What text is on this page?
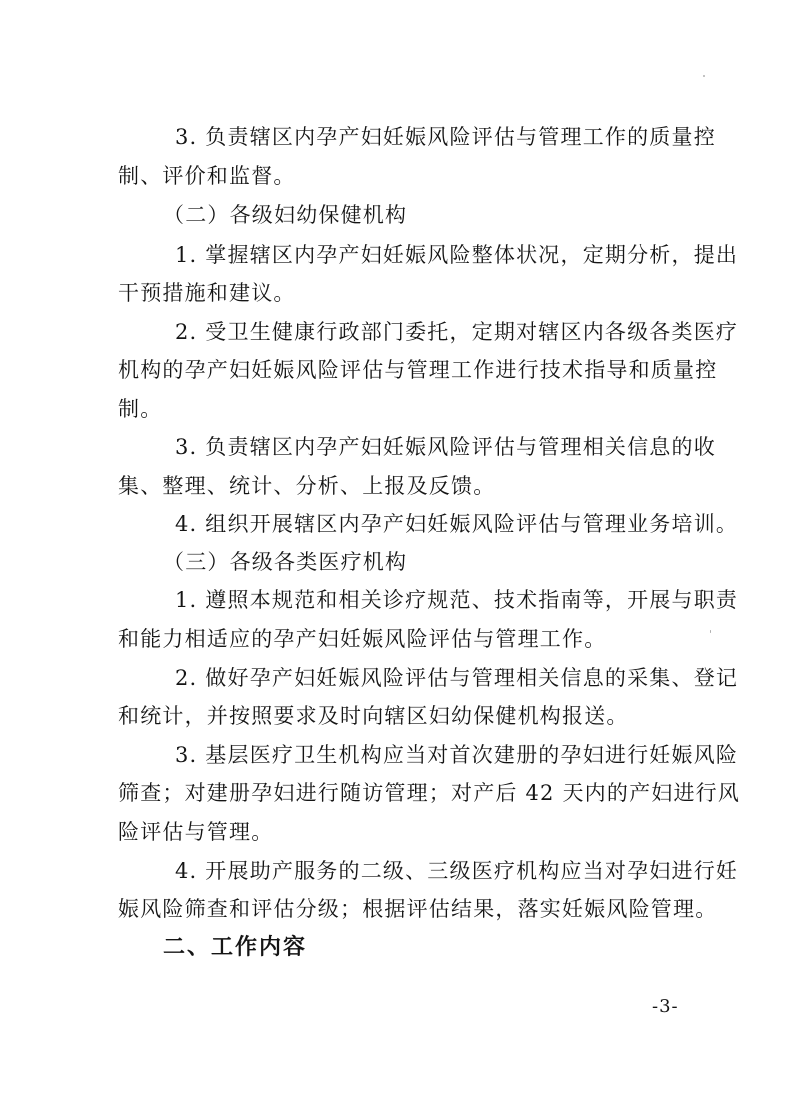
3. 负责辖区内孕产妇妊娠风险评估与管理工作的质量控

制、评价和监督。

（二）各级妇幼保健机构

1. 掌握辖区内孕产妇妊娠风险整体状况，定期分析，提出

干预措施和建议。

2. 受卫生健康行政部门委托，定期对辖区内各级各类医疗

机构的孕产妇妊娠风险评估与管理工作进行技术指导和质量控

制。

3. 负责辖区内孕产妇妊娠风险评估与管理相关信息的收

集、整理、统计、分析、上报及反馈。

4. 组织开展辖区内孕产妇妊娠风险评估与管理业务培训。

（三）各级各类医疗机构

1. 遵照本规范和相关诊疗规范、技术指南等，开展与职责

和能力相适应的孕产妇妊娠风险评估与管理工作。

2. 做好孕产妇妊娠风险评估与管理相关信息的采集、登记

和统计，并按照要求及时向辖区妇幼保健机构报送。

3. 基层医疗卫生机构应当对首次建册的孕妇进行妊娠风险

筛查；对建册孕妇进行随访管理；对产后 42 天内的产妇进行风

险评估与管理。

4. 开展助产服务的二级、三级医疗机构应当对孕妇进行妊

娠风险筛查和评估分级；根据评估结果，落实妊娠风险管理。

二、工作内容

-3-
